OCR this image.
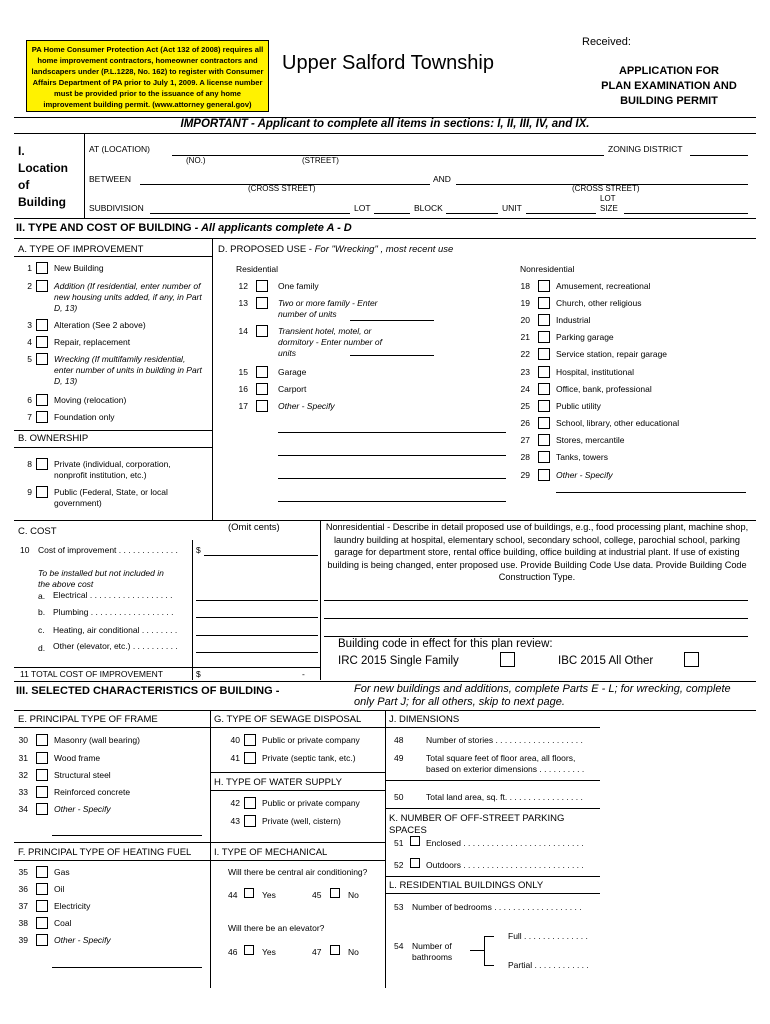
PA Home Consumer Protection Act (Act 132 of 2008) requires all home improvement contractors, homeowner contractors and landscapers under (P.L.1228, No. 162) to register with Consumer Affairs Department of PA prior to July 1, 2009. A license number must be provided prior to the issuance of any home improvement building permit. (www.attorney general.gov)
Upper Salford Township
Received:
APPLICATION FOR
PLAN EXAMINATION AND
BUILDING PERMIT
IMPORTANT - Applicant to complete all items in sections: I, II, III, IV, and IX.
I.
Location
of
Building
AT (LOCATION)	ZONING DISTRICT
(NO.)	(STREET)
BETWEEN	AND
(CROSS STREET)	(CROSS STREET)
SUBDIVISION	LOT	BLOCK	UNIT
LOT
SIZE
II. TYPE AND COST OF BUILDING - All applicants complete A - D
A. TYPE OF IMPROVEMENT
1	New Building
2	Addition (If residential, enter number of new housing units added, if any, in Part D, 13)
3	Alteration (See 2 above)
4	Repair, replacement
5	Wrecking (If multifamily residential, enter number of units in building in Part D, 13)
6	Moving (relocation)
7	Foundation only
B. OWNERSHIP
8	Private (individual, corporation, nonprofit institution, etc.)
9	Public (Federal, State, or local government)
D. PROPOSED USE - For "Wrecking" , most recent use
Residential	Nonresidential
12	One family
13	Two or more family - Enter number of units
14	Transient hotel, motel, or dormitory - Enter number of units
15	Garage
16	Carport
17	Other - Specify
18	Amusement, recreational
19	Church, other religious
20	Industrial
21	Parking garage
22	Service station, repair garage
23	Hospital, institutional
24	Office, bank, professional
25	Public utility
26	School, library, other educational
27	Stores, mercantile
28	Tanks, towers
29	Other - Specify
C. COST	(Omit cents)
10 Cost of improvement . . . . . . . . . . . . . $
To be installed but not included in the above cost
a. Electrical . . . . . . . . . . . . . . . . . .
b. Plumbing . . . . . . . . . . . . . . . . . .
c. Heating, air conditional . . . . . . . .
d. Other (elevator, etc.) . . . . . . . . . .
11 TOTAL COST OF IMPROVEMENT	$	-
Nonresidential - Describe in detail proposed use of buildings, e.g., food processing plant, machine shop, laundry building at hospital, elementary school, secondary school, college, parochial school, parking garage for department store, rental office building, office building at industrial plant. If use of existing building is being changed, enter proposed use. Provide Building Code Use data. Provide Building Code Construction Type.
Building code in effect for this plan review:
IRC 2015 Single Family	IBC 2015 All Other
III. SELECTED CHARACTERISTICS OF BUILDING -	For new buildings and additions, complete Parts E - L; for wrecking, complete only Part J; for all others, skip to next page.
E. PRINCIPAL TYPE OF FRAME
30	Masonry (wall bearing)
31	Wood frame
32	Structural steel
33	Reinforced concrete
34	Other - Specify
F. PRINCIPAL TYPE OF HEATING FUEL
35	Gas
36	Oil
37	Electricity
38	Coal
39	Other - Specify
G. TYPE OF SEWAGE DISPOSAL
40	Public or private company
41	Private (septic tank, etc.)
H. TYPE OF WATER SUPPLY
42	Public or private company
43	Private (well, cistern)
I. TYPE OF MECHANICAL
Will there be central air conditioning?
44	Yes	45	No
Will there be an elevator?
46	Yes	47	No
J. DIMENSIONS
48	Number of stories . . . . . . . . . . . . . . . . . . .
49	Total square feet of floor area, all floors, based on exterior dimensions . . . . . . . . . .
50	Total land area, sq. ft. . . . . . . . . . . . . . . . .
K. NUMBER OF OFF-STREET PARKING SPACES
51	Enclosed . . . . . . . . . . . . . . . . . . . . . . . . . .
52	Outdoors . . . . . . . . . . . . . . . . . . . . . . . . . .
L. RESIDENTIAL BUILDINGS ONLY
53 Number of bedrooms . . . . . . . . . . . . . . . . . . .
54 Number of bathrooms
Full . . . . . . . . . . . . . .
Partial . . . . . . . . . . . .
